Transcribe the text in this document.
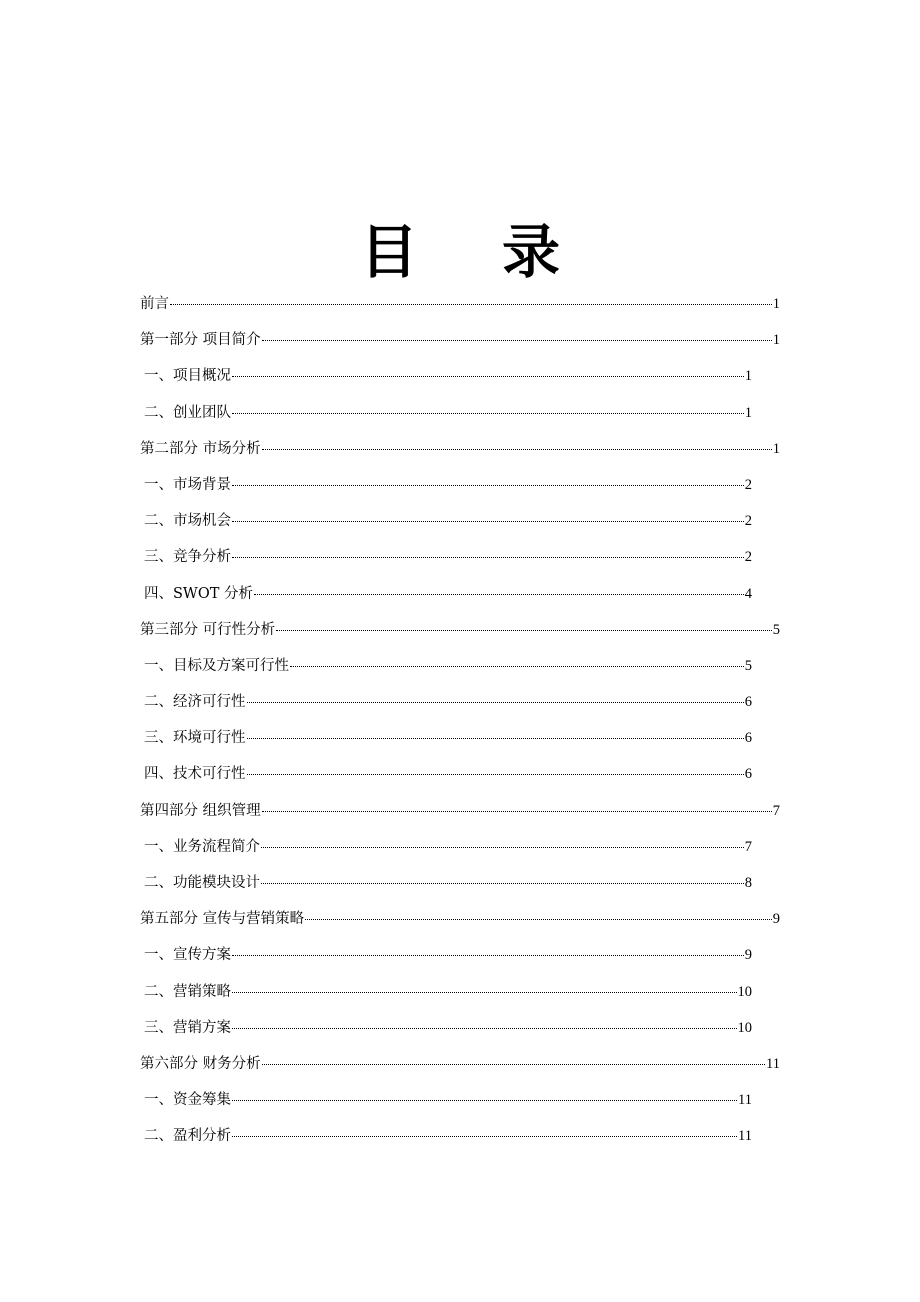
目 录
前言	1
第一部分 项目简介	1
一、项目概况	1
二、创业团队	1
第二部分 市场分析	1
一、市场背景	2
二、市场机会	2
三、竞争分析	2
四、SWOT 分析	4
第三部分 可行性分析	5
一、目标及方案可行性	5
二、经济可行性	6
三、环境可行性	6
四、技术可行性	6
第四部分 组织管理	7
一、业务流程简介	7
二、功能模块设计	8
第五部分 宣传与营销策略	9
一、宣传方案	9
二、营销策略	10
三、营销方案	10
第六部分 财务分析	11
一、资金筹集	11
二、盈利分析	11
